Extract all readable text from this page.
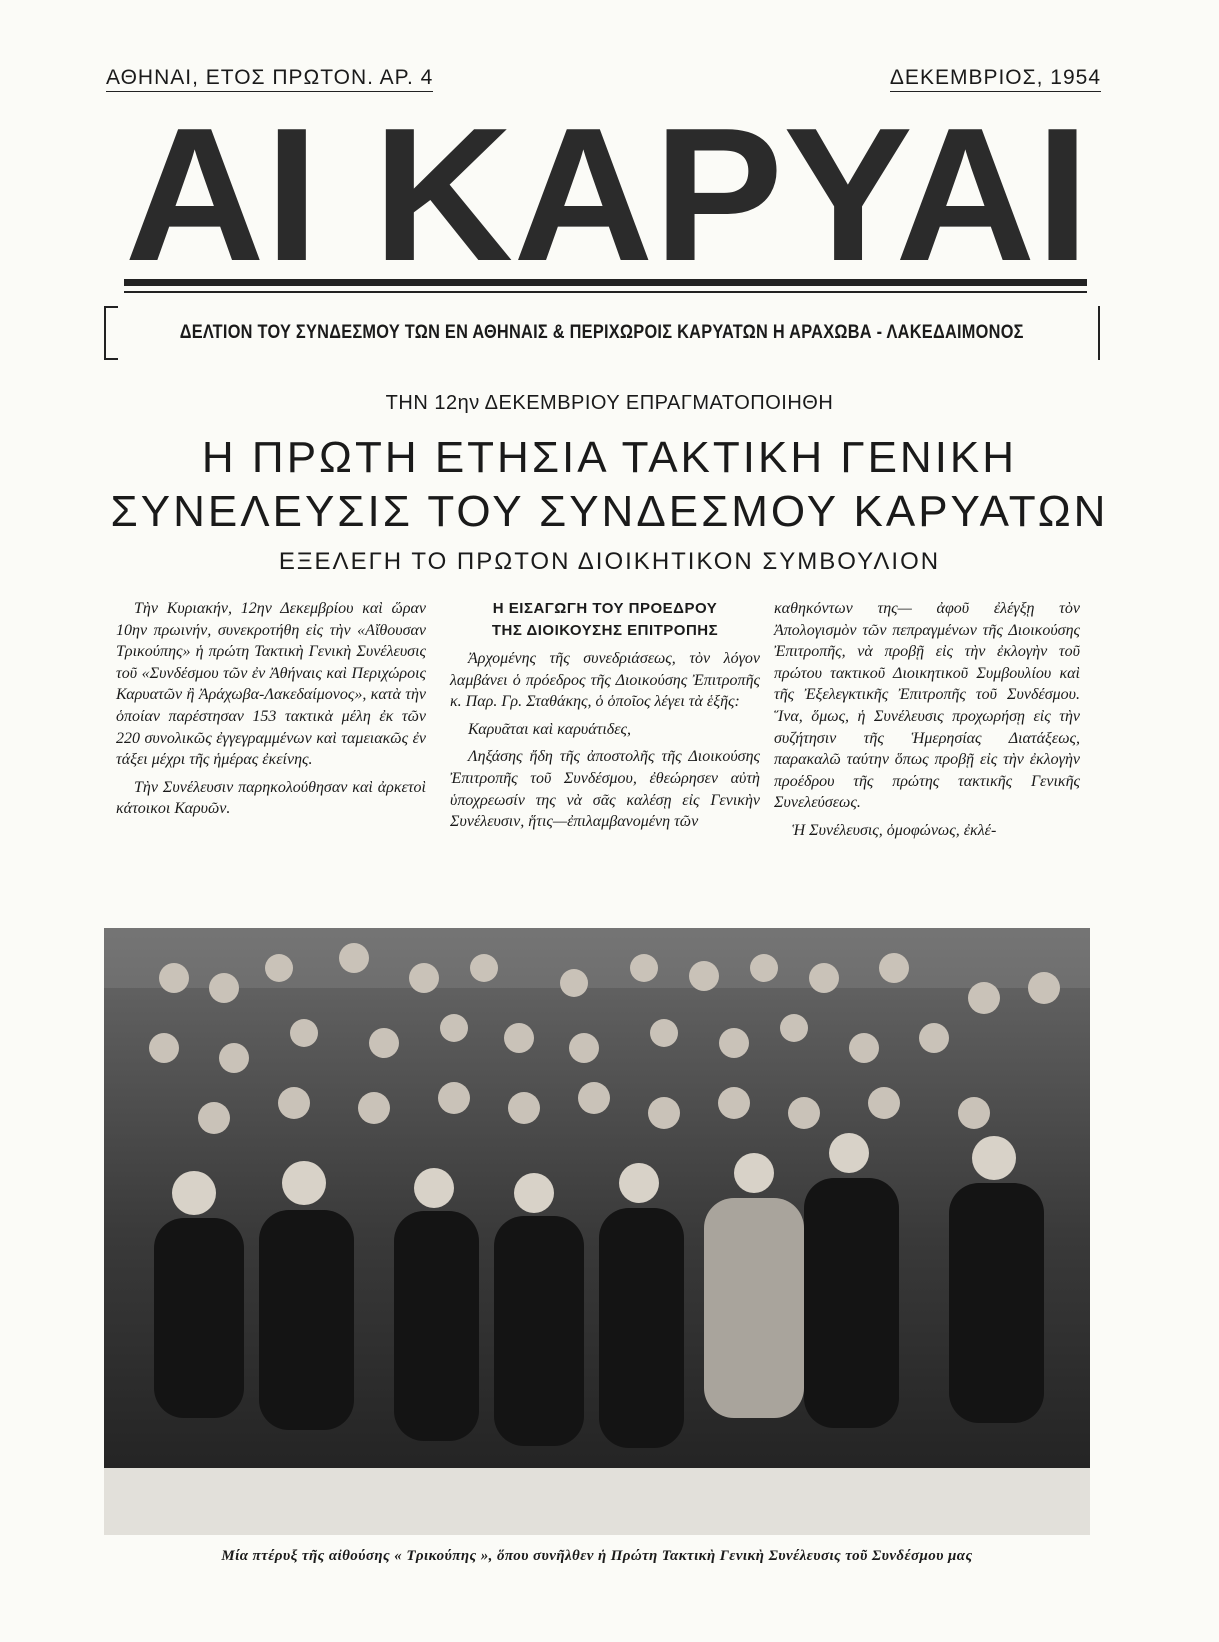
ΑΘΗΝΑΙ, ΕΤΟΣ ΠΡΩΤΟΝ. ΑΡ. 4	ΔΕΚΕΜΒΡΙΟΣ, 1954
ΑΙ ΚΑΡΥΑΙ
ΔΕΛΤΙΟΝ ΤΟΥ ΣΥΝΔΕΣΜΟΥ ΤΩΝ ΕΝ ΑΘΗΝΑΙΣ & ΠΕΡΙΧΩΡΟΙΣ ΚΑΡΥΑΤΩΝ Η ΑΡΑΧΩΒΑ - ΛΑΚΕΔΑΙΜΟΝΟΣ
ΤΗΝ 12ην ΔΕΚΕΜΒΡΙΟΥ ΕΠΡΑΓΜΑΤΟΠΟΙΗΘΗ
Η ΠΡΩΤΗ ΕΤΗΣΙΑ ΤΑΚΤΙΚΗ ΓΕΝΙΚΗ
ΣΥΝΕΛΕΥΣΙΣ ΤΟΥ ΣΥΝΔΕΣΜΟΥ ΚΑΡΥΑΤΩΝ
ΕΞΕΛΕΓΗ ΤΟ ΠΡΩΤΟΝ ΔΙΟΙΚΗΤΙΚΟΝ ΣΥΜΒΟΥΛΙΟΝ

Τὴν Κυριακήν, 12ην Δεκεμβρίου καὶ ὥραν 10ην πρωινήν, συνεκροτήθη εἰς τὴν «Αἴθουσαν Τρικούπης» ἡ πρώτη Τακτικὴ Γενικὴ Συνέλευσις τοῦ «Συνδέσμου τῶν ἐν Ἀθήναις καὶ Περιχώροις Καρυατῶν ἢ Ἀράχωβα-Λακεδαίμονος», κατὰ τὴν ὁποίαν παρέστησαν 153 τακτικὰ μέλη ἐκ τῶν 220 συνολικῶς ἐγγεγραμμένων καὶ ταμειακῶς ἐν τάξει μέχρι τῆς ἡμέρας ἐκείνης.

Τὴν Συνέλευσιν παρηκολούθησαν καὶ ἀρκετοὶ κάτοικοι Καρυῶν.

Η ΕΙΣΑΓΩΓΗ ΤΟΥ ΠΡΟΕΔΡΟΥ
ΤΗΣ ΔΙΟΙΚΟΥΣΗΣ ΕΠΙΤΡΟΠΗΣ

Ἀρχομένης τῆς συνεδριάσεως, τὸν λόγον λαμβάνει ὁ πρόεδρος τῆς Διοικούσης Ἐπιτροπῆς κ. Παρ. Γρ. Σταθάκης, ὁ ὁποῖος λέγει τὰ ἑξῆς:

Καρυᾶται καὶ καρυάτιδες,

Ληξάσης ἤδη τῆς ἀποστολῆς τῆς Διοικούσης Ἐπιτροπῆς τοῦ Συνδέσμου, ἐθεώρησεν αὐτὴ ὑποχρεωσίν της νὰ σᾶς καλέσῃ εἰς Γενικὴν Συνέλευσιν, ἥτις—ἐπιλαμβανομένη τῶν

καθηκόντων της— ἀφοῦ ἐλέγξῃ τὸν Ἀπολογισμὸν τῶν πεπραγμένων τῆς Διοικούσης Ἐπιτροπῆς, νὰ προβῇ εἰς τὴν ἐκλογὴν τοῦ πρώτου τακτικοῦ Διοικητικοῦ Συμβουλίου καὶ τῆς Ἐξελεγκτικῆς Ἐπιτροπῆς τοῦ Συνδέσμου. Ἵνα, ὅμως, ἡ Συνέλευσις προχωρήσῃ εἰς τὴν συζήτησιν τῆς Ἡμερησίας Διατάξεως, παρακαλῶ ταύτην ὅπως προβῇ εἰς τὴν ἐκλογὴν προέδρου τῆς πρώτης τακτικῆς Γενικῆς Συνελεύσεως.

Ἡ Συνέλευσις, ὁμοφώνως, ἐκλέ-

Μία πτέρυξ τῆς αἰθούσης « Τρικούπης », ὅπου συνῆλθεν ἡ Πρώτη Τακτικὴ Γενικὴ Συνέλευσις τοῦ Συνδέσμου μας
